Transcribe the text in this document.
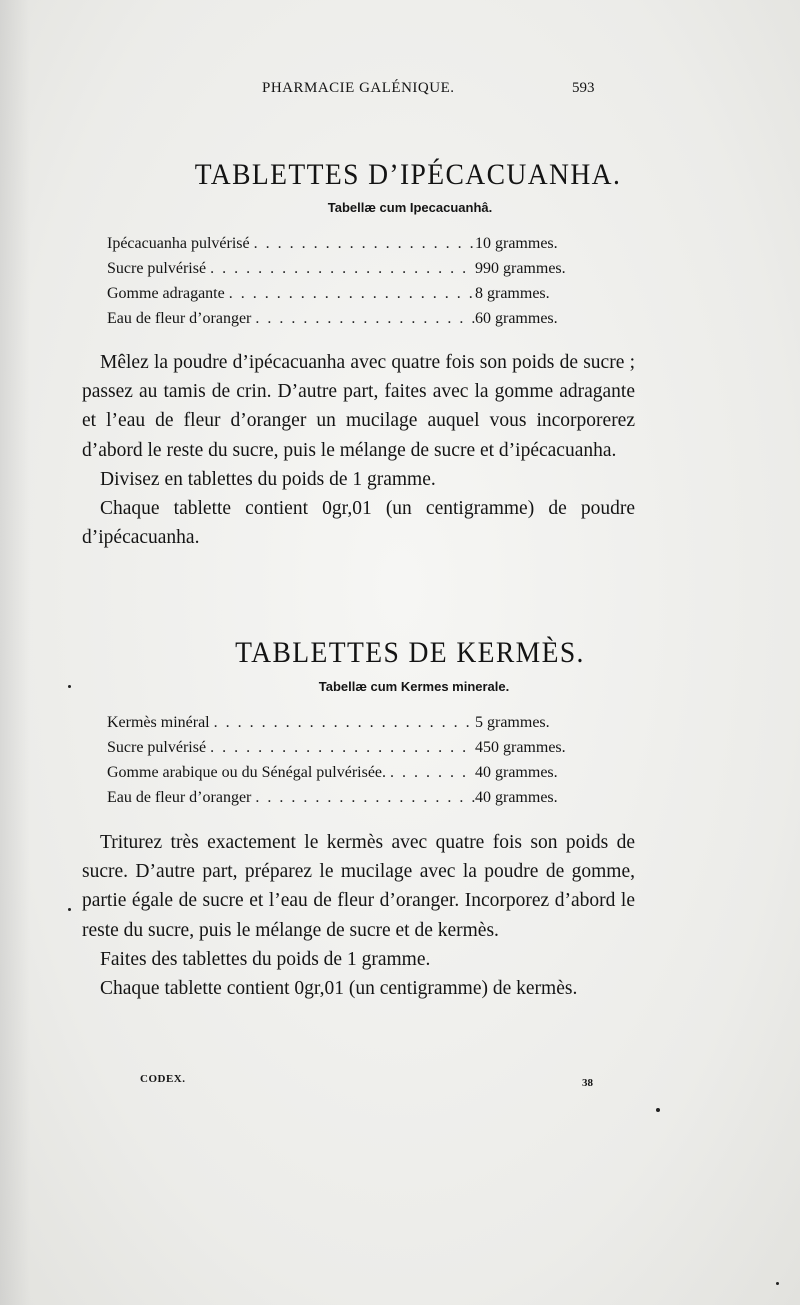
PHARMACIE GALÉNIQUE.	593
TABLETTES D’IPÉCACUANHA.
Tabellæ cum Ipecacuanhâ.
Ipécacuanha pulvérisé . . .	10 grammes.
Sucre pulvérisé . . .	990 grammes.
Gomme adragante . . .	8 grammes.
Eau de fleur d’oranger . . .	60 grammes.

Mêlez la poudre d’ipécacuanha avec quatre fois son poids de sucre ; passez au tamis de crin. D’autre part, faites avec la gomme adragante et l’eau de fleur d’oranger un mucilage auquel vous incorporerez d’abord le reste du sucre, puis le mélange de sucre et d’ipécacuanha.

Divisez en tablettes du poids de 1 gramme.

Chaque tablette contient 0gr,01 (un centigramme) de poudre d’ipécacuanha.

TABLETTES DE KERMÈS.
Tabellæ cum Kermes minerale.
Kermès minéral . . .	5 grammes.
Sucre pulvérisé . . .	450 grammes.
Gomme arabique ou du Sénégal pulvérisée. . . .	40 grammes.
Eau de fleur d’oranger . . .	40 grammes.

Triturez très exactement le kermès avec quatre fois son poids de sucre. D’autre part, préparez le mucilage avec la poudre de gomme, partie égale de sucre et l’eau de fleur d’oranger. Incorporez d’abord le reste du sucre, puis le mélange de sucre et de kermès.

Faites des tablettes du poids de 1 gramme.

Chaque tablette contient 0gr,01 (un centigramme) de kermès.

CODEX.	38
